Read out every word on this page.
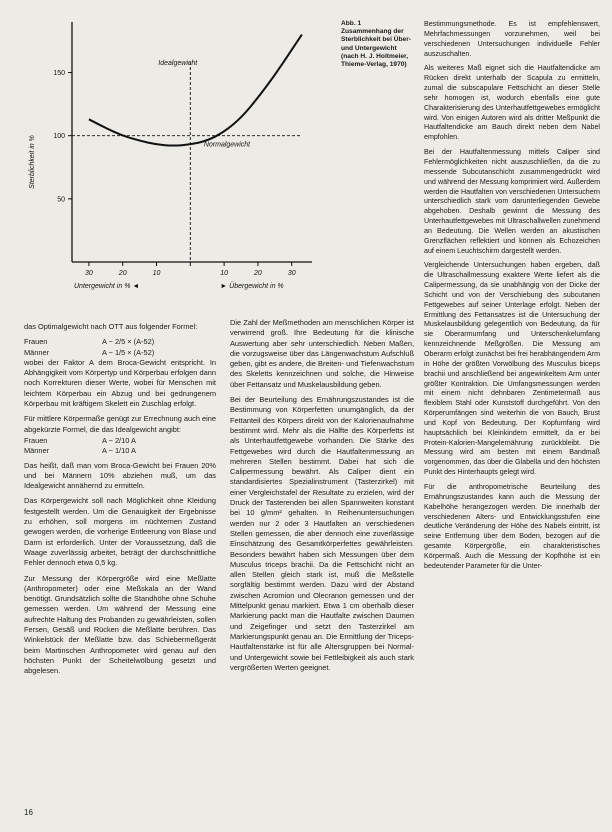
150
100
50
30	20	10	10	20	30
Idealgewicht
Normalgewicht
Untergewicht in % ◄	► Übergewicht in %
Sterblichkeit in %
Abb. 1 Zusammenhang der Sterblichkeit bei Über- und Untergewicht (nach H. J. Holtmeier, Thieme-Verlag, 1970)

das Optimalgewicht nach OTT aus folgender Formel:

Frauen	A − 2/5 × (A-52)
Männer	A − 1/5 × (A-52)

wobei der Faktor A dem Broca-Gewicht entspricht. In Abhängigkeit vom Körpertyp und Körperbau erfolgen dann noch Korrekturen dieser Werte, wobei für Menschen mit leichtem Körperbau ein Abzug und bei gedrungenem Körperbau mit kräftigem Skelett ein Zuschlag erfolgt.

Für mittlere Körpermaße genügt zur Errechnung auch eine abgekürzte Formel, die das Idealgewicht angibt:

Frauen	A − 2/10 A
Männer	A − 1/10 A

Das heißt, daß man vom Broca-Gewicht bei Frauen 20% und bei Männern 10% abziehen muß, um das Idealgewicht annähernd zu ermitteln.

Das Körpergewicht soll nach Möglichkeit ohne Kleidung festgestellt werden. Um die Genauigkeit der Ergebnisse zu erhöhen, soll morgens im nüchternen Zustand gewogen werden, die vorherige Entleerung von Blase und Darm ist erforderlich. Unter der Voraussetzung, daß die Waage zuverlässig arbeitet, beträgt der durchschnittliche Fehler dennoch etwa 0,5 kg.

Zur Messung der Körpergröße wird eine Meßlatte (Anthropometer) oder eine Meßskala an der Wand benötigt. Grundsätzlich sollte die Standhöhe ohne Schuhe gemessen werden. Um während der Messung eine aufrechte Haltung des Probanden zu gewährleisten, sollen Fersen, Gesäß und Rücken die Meßlatte berühren. Das Winkelstück der Meßlatte bzw. das Schiebermeßgerät beim Martinschen Anthropometer wird genau auf den höchsten Punkt der Scheitelwölbung gesetzt und abgelesen.

Die Zahl der Meßmethoden am menschlichen Körper ist verwirrend groß. Ihre Bedeutung für die klinische Auswertung aber sehr unterschiedlich. Neben Maßen, die vorzugsweise über das Längenwachstum Aufschluß geben, gibt es andere, die Breiten- und Tiefenwachstum des Skeletts kennzeichnen und solche, die Hinweise über Fettansatz und Muskelausbildung geben.

Bei der Beurteilung des Ernährungszustandes ist die Bestimmung von Körperfetten unumgänglich, da der Fettanteil des Körpers direkt von der Kalorienaufnahme bestimmt wird. Mehr als die Hälfte des Körperfetts ist als Unterhautfettgewebe vorhanden. Die Stärke des Fettgewebes wird durch die Hautfaltenmessung an mehreren Stellen bestimmt. Dabei hat sich die Calipermessung bewährt. Als Caliper dient ein standardisiertes Spezialinstrument (Tasterzirkel) mit einer Vergleichstafel der Resultate zu erzielen, wird der Druck der Tasterenden bei allen Spannweiten konstant bei 10 g/mm² gehalten. In Reihenuntersuchungen werden nur 2 oder 3 Hautfalten an verschiedenen Stellen gemessen, die aber dennoch eine zuverlässige Einschätzung des Gesamtkörperfettes gewährleisten. Besonders bewährt haben sich Messungen über dem Musculus triceps brachii. Da die Fettschicht nicht an allen Stellen gleich stark ist, muß die Meßstelle sorgfältig bestimmt werden. Dazu wird der Abstand zwischen Acromion und Olecranon gemessen und der Mittelpunkt genau markiert. Etwa 1 cm oberhalb dieser Markierung packt man die Hautfalte zwischen Daumen und Zeigefinger und setzt den Tasterzirkel am Markierungspunkt genau an. Die Ermittlung der Triceps-Hautfaltenstärke ist für alle Altersgruppen bei Normal- und Untergewicht sowie bei Fettleibigkeit als auch stark vergrößerten Werten geeignet.

Bestimmungsmethode. Es ist empfehlenswert, Mehrfachmessungen vorzunehmen, weil bei verschiedenen Untersuchungen individuelle Fehler auszuschalten.

Als weiteres Maß eignet sich die Hautfaltendicke am Rücken direkt unterhalb der Scapula zu ermitteln, zumal die subscapulare Fettschicht an dieser Stelle sehr homogen ist, wodurch ebenfalls eine gute Charakterisierung des Unterhautfettgewebes ermöglicht wird. Von einigen Autoren wird als dritter Meßpunkt die Hautfaltendicke am Bauch direkt neben dem Nabel empfohlen.

Bei der Hautfaltenmessung mittels Caliper sind Fehlermöglichkeiten nicht auszuschließen, da die zu messende Subcutanschicht zusammengedrückt wird und während der Messung komprimiert wird. Außerdem werden die Hautfalten von verschiedenen Untersuchern unterschiedlich stark vom darunterliegenden Gewebe abgehoben. Deshalb gewinnt die Messung des Unterhautfettgewebes mit Ultraschallwellen zunehmend an Bedeutung. Die Wellen werden an akustischen Grenzflächen reflektiert und können als Echozeichen auf einem Leuchtschirm dargestellt werden.

Vergleichende Untersuchungen haben ergeben, daß die Ultraschallmessung exaktere Werte liefert als die Calipermessung, da sie unabhängig von der Dicke der Schicht und von der Verschiebung des subcutanen Fettgewebes auf seiner Unterlage erfolgt. Neben der Ermittlung des Fettansatzes ist die Untersuchung der Muskelausbildung gelegentlich von Bedeutung, da für sie Oberarmumfang und Unterschenkelumfang kennzeichnende Meßgrößen. Die Messung am Oberarm erfolgt zunächst bei frei herabhängendem Arm in Höhe der größten Vorwölbung des Musculus biceps brachii und anschließend bei angewinkeltem Arm unter größter Kontraktion. Die Umfangsmessungen werden mit einem nicht dehnbaren Zentimetermaß aus flexiblem Stahl oder Kunststoff durchgeführt. Von den Körperumfängen sind weiterhin die von Bauch, Brust und Kopf von Bedeutung. Der Kopfumfang wird hauptsächlich bei Kleinkindern ermittelt, da er bei Protein-Kalorien-Mangelernährung zurückbleibt. Die Messung wird am besten mit einem Bandmaß vorgenommen, das über die Glabella und den höchsten Punkt des Hinterhaupts gelegt wird.

Für die anthropometrische Beurteilung des Ernährungszustandes kann auch die Messung der Kabelhöhe herangezogen werden. Die innerhalb der verschiedenen Alters- und Entwicklungsstufen eine deutliche Veränderung der Höhe des Nabels eintritt, ist seine Entfernung über dem Boden, bezogen auf die gesamte Körpergröße, ein charakteristisches Körpermaß. Auch die Messung der Kopfhöhe ist ein bedeutender Parameter für die Unter-

16
